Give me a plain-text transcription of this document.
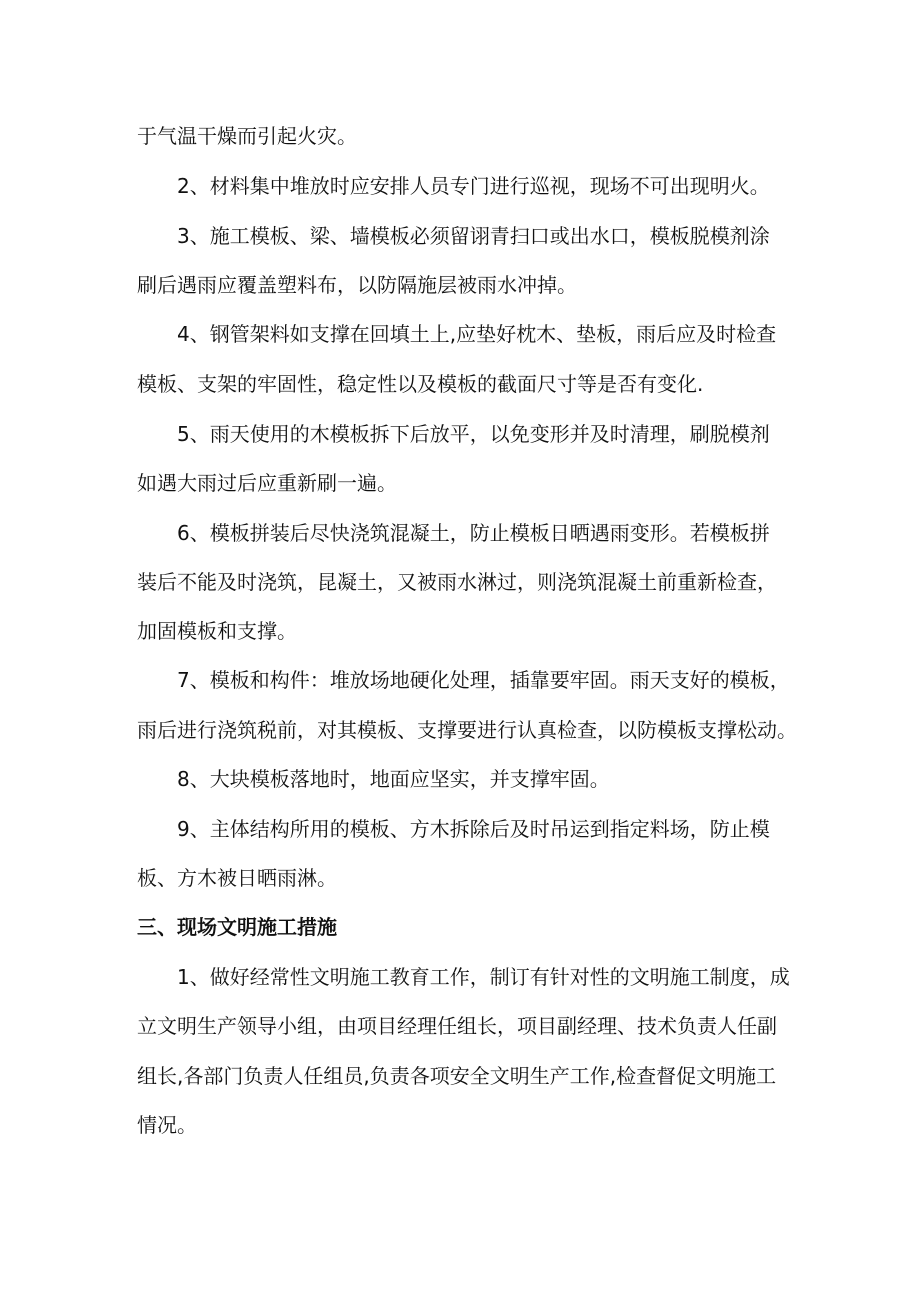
于气温干燥而引起火灾。
2、材料集中堆放时应安排人员专门进行巡视，现场不可出现明火。
3、施工模板、梁、墙模板必须留诩青扫口或出水口，模板脱模剂涂
刷后遇雨应覆盖塑料布，以防隔施层被雨水冲掉。
4、钢管架料如支撑在回填土上,应垫好枕木、垫板，雨后应及时检查
模板、支架的牢固性，稳定性以及模板的截面尺寸等是否有变化.
5、雨天使用的木模板拆下后放平，以免变形并及时清理，刷脱模剂
如遇大雨过后应重新刷一遍。
6、模板拼装后尽快浇筑混凝土，防止模板日晒遇雨变形。若模板拼
装后不能及时浇筑，昆凝土，又被雨水淋过，则浇筑混凝土前重新检查，
加固模板和支撑。
7、模板和构件：堆放场地硬化处理，插靠要牢固。雨天支好的模板，
雨后进行浇筑税前，对其模板、支撑要进行认真检查，以防模板支撑松动。
8、大块模板落地时，地面应坚实，并支撑牢固。
9、主体结构所用的模板、方木拆除后及时吊运到指定料场，防止模
板、方木被日晒雨淋。
三、现场文明施工措施
1、做好经常性文明施工教育工作，制订有针对性的文明施工制度，成
立文明生产领导小组，由项目经理任组长，项目副经理、技术负责人任副
组长,各部门负责人任组员,负责各项安全文明生产工作,检查督促文明施工
情况。
